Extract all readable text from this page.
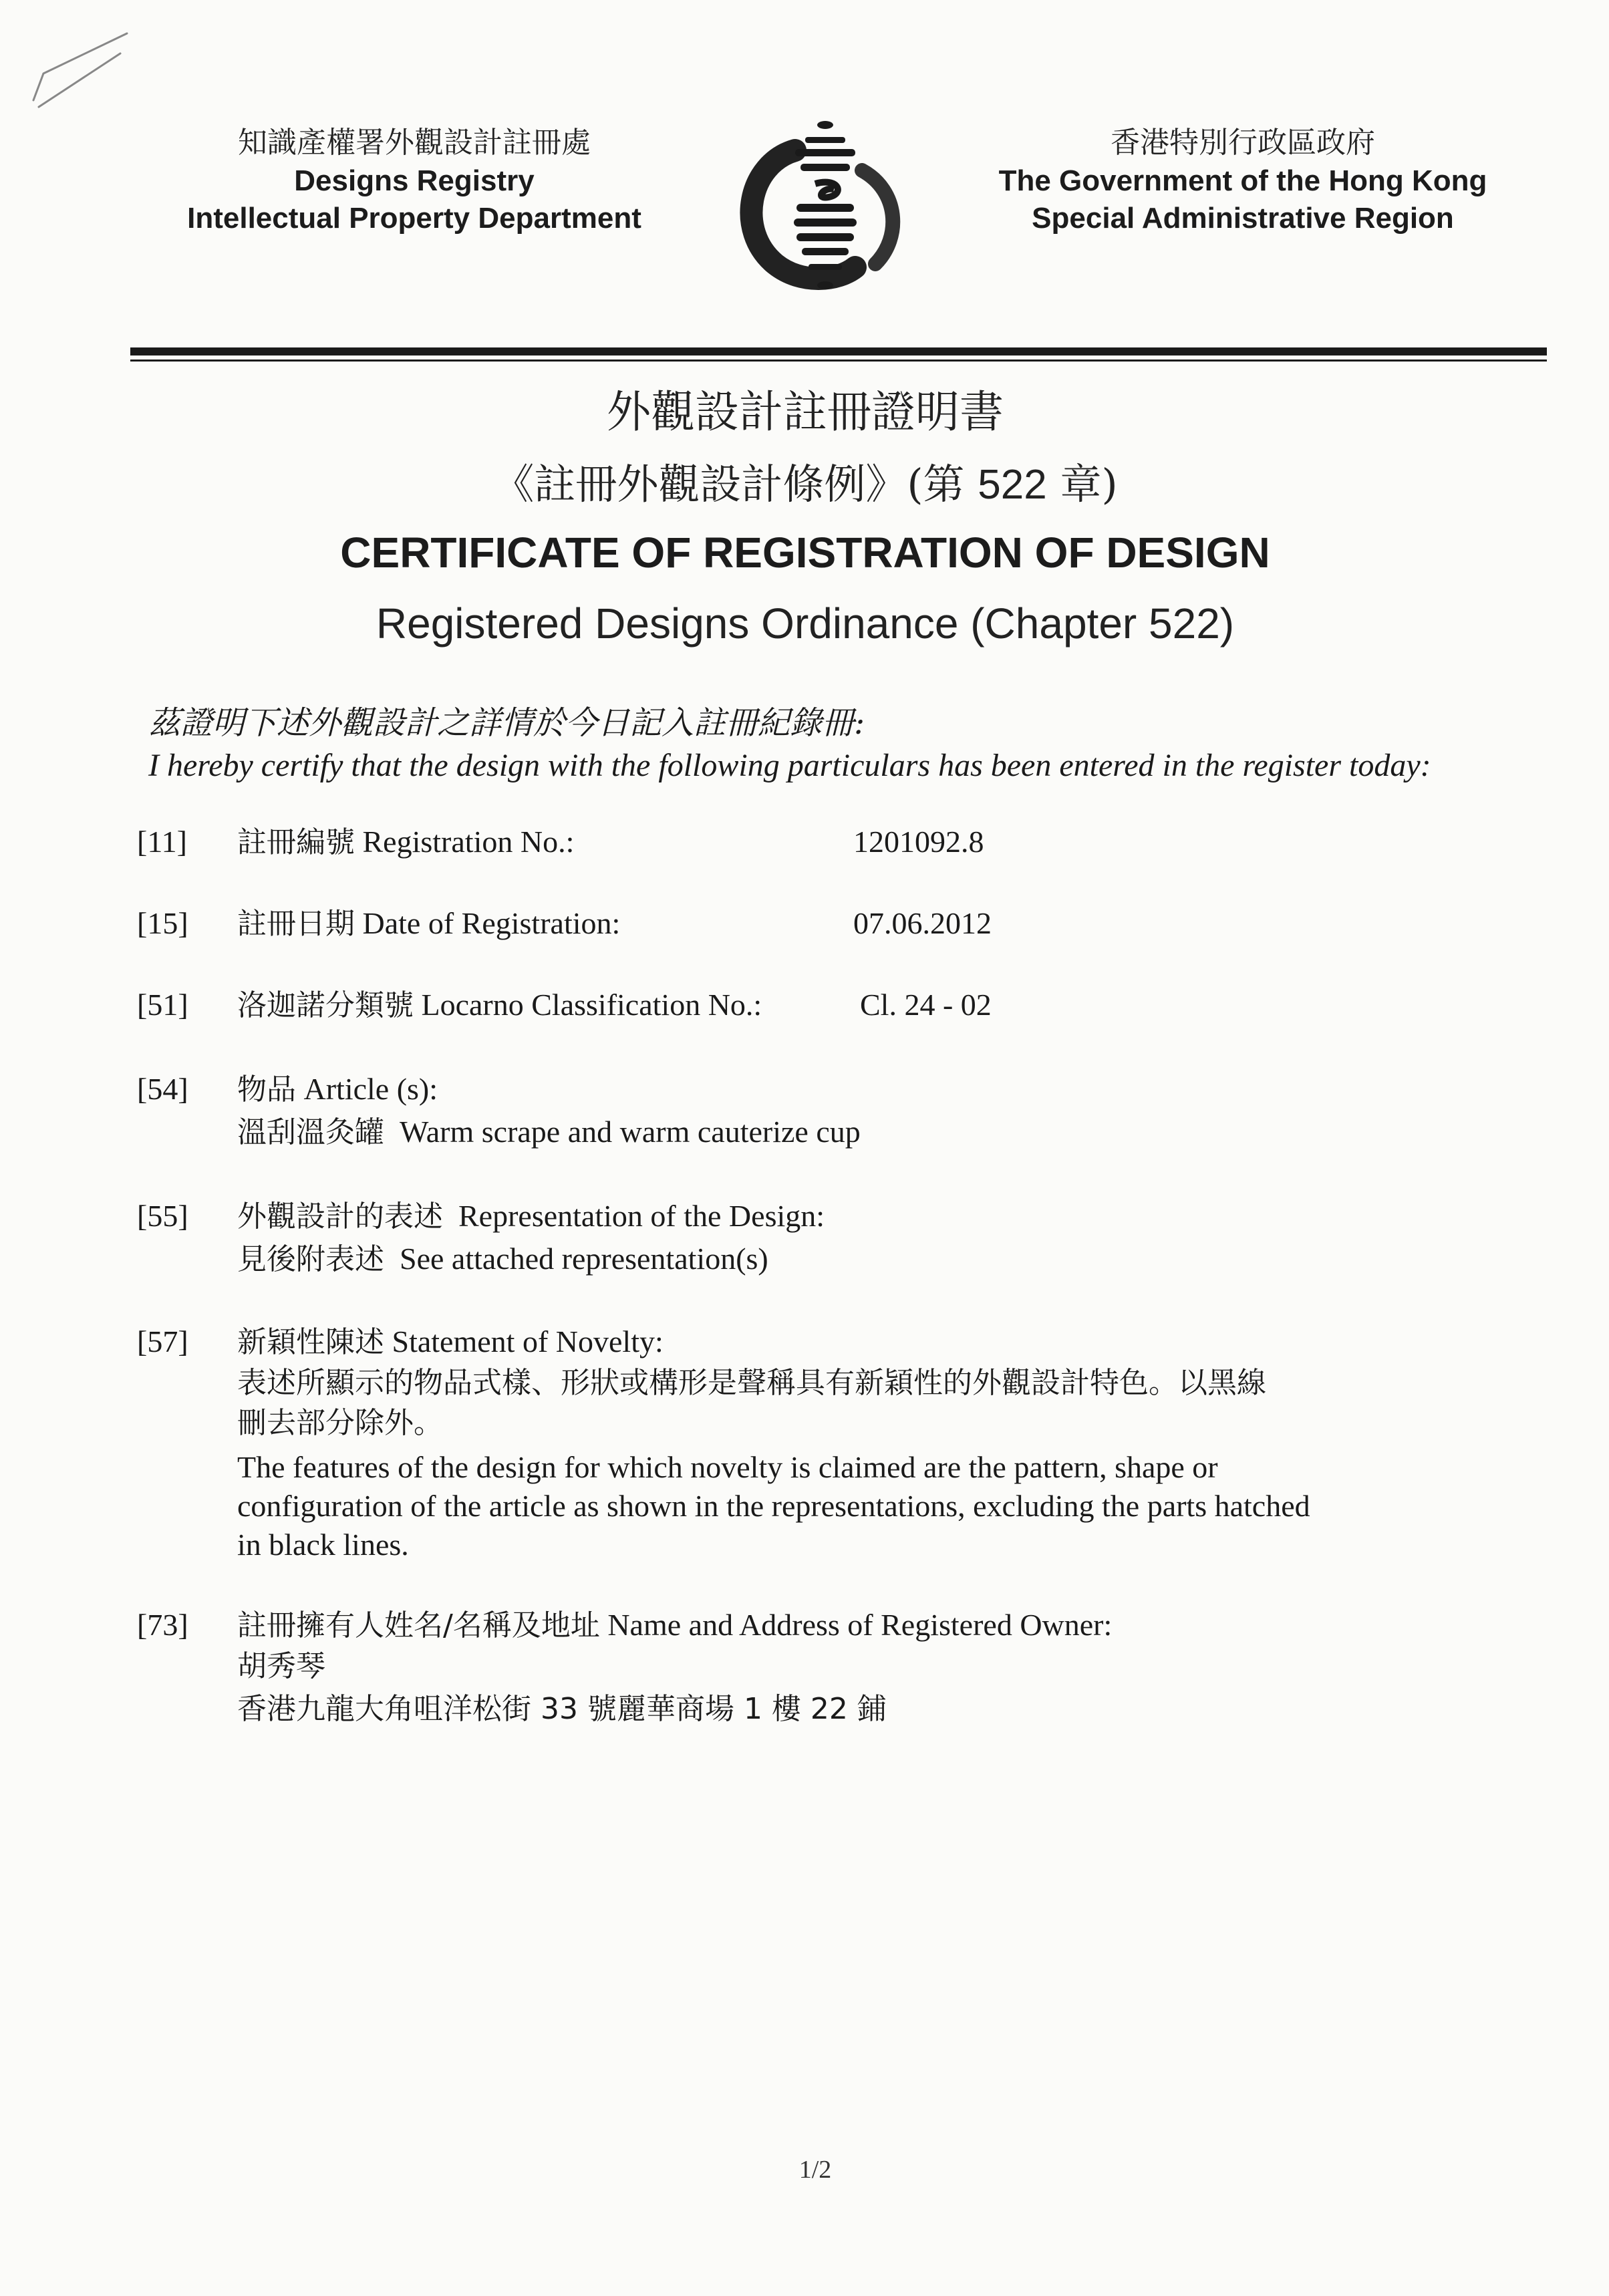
知識產權署外觀設計註冊處
Designs Registry
Intellectual Property Department
香港特別行政區政府
The Government of the Hong Kong
Special Administrative Region
外觀設計註冊證明書
《註冊外觀設計條例》(第 522 章)
CERTIFICATE OF REGISTRATION OF DESIGN
Registered Designs Ordinance (Chapter 522)
茲證明下述外觀設計之詳情於今日記入註冊紀錄冊:
I hereby certify that the design with the following particulars has been entered in the register today:
[11]	註冊編號 Registration No.:	1201092.8
[15]	註冊日期 Date of Registration:	07.06.2012
[51]	洛迦諾分類號 Locarno Classification No.:	Cl. 24 - 02
[54]	物品 Article (s):
溫刮溫灸罐  Warm scrape and warm cauterize cup
[55]	外觀設計的表述  Representation of the Design:
見後附表述  See attached representation(s)
[57]	新穎性陳述 Statement of Novelty:
表述所顯示的物品式樣、形狀或構形是聲稱具有新穎性的外觀設計特色。以黑線
刪去部分除外。
The features of the design for which novelty is claimed are the pattern, shape or
configuration of the article as shown in the representations, excluding the parts hatched
in black lines.
[73]	註冊擁有人姓名/名稱及地址 Name and Address of Registered Owner:
胡秀琴
香港九龍大角咀洋松街 33 號麗華商場 1 樓 22 鋪
1/2
